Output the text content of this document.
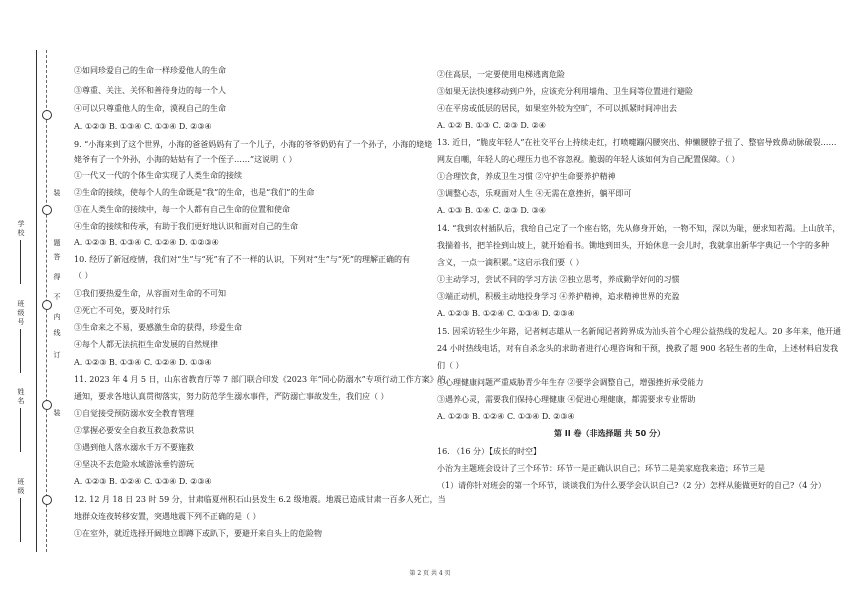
学校
班级号
姓名
班级
装
题
答
得
不
内
线
订
装
②如同珍爱自己的生命一样珍爱他人的生命
③尊重、关注、关怀和善待身边的每一个人
④可以只尊重他人的生命，漠视自己的生命
A. ①②③ B. ①③④ C. ①③④ D. ②③④
9. “小海来到了这个世界，小海的爸爸妈妈有了一个儿子，小海的爷爷奶奶有了一个孙子，小海的姥姥
姥爷有了一个外孙，小海的姑姑有了一个侄子……”这说明（ ）
①一代又一代的个体生命实现了人类生命的接续
②生命的接续，使每个人的生命既是“我”的生命，也是“我们”的生命
③在人类生命的接续中，每一个人都有自己生命的位置和使命
④生命的接续和传承，有助于我们更好地认识和面对自己的生命
A. ①②③ B. ①③④ C. ①②④ D. ①②③④
10. 经历了新冠疫情，我们对“生”与“死”有了不一样的认识，下列对“生”与“死”的理解正确的有
（ ）
①我们要热爱生命，从容面对生命的不可知
②死亡不可免，要及时行乐
③生命来之不易，要感激生命的获得，珍爱生命
④每个人都无法抗拒生命发展的自然规律
A. ①②③ B. ①③④ C. ①②④ D. ①③④
11. 2023 年 4 月 5 日，山东省教育厅等 7 部门联合印发《2023 年“同心防溺水”专项行动工作方案》的
通知，要求各地认真贯彻落实，努力防范学生溺水事件，严防溺亡事故发生，我们应（ ）
①自觉接受预防溺水安全教育管理
②掌握必要安全自救互救急救常识
③遇到他人落水溺水千万不要施救
④坚决不去危险水域游泳垂钓游玩
A. ①②③ B. ①②④ C. ①③④ D. ②③④
12. 12 月 18 日 23 时 59 分，甘肃临夏州积石山县发生 6.2 级地震。地震已造成甘肃一百多人死亡，当
地群众连夜转移安置，突遇地震下列不正确的是（ ）
①在室外，就近选择开阔地立即蹲下或趴下，要避开来自头上的危险物
②住高层，一定要使用电梯逃离危险
③如果无法快速移动到户外，应该充分利用墙角、卫生间等位置进行避险
④在平房或低层的居民，如果室外较为空旷，不可以抓紧时间冲出去
A. ①② B. ①③ C. ②③ D. ②④
13. 近日，“脆皮年轻人”在社交平台上持续走红，打喷嚏蹦闪腰突出、伸懒腰脖子扭了、整宿导致鼻动脉破裂……
网友自嘲，年轻人的心理压力也不容忽视。脆弱的年轻人该如何为自己配置保障。（ ）
①合理饮食，养成卫生习惯 ②守护生命要养护精神
③调整心态，乐观面对人生 ④无需在意挫折，躺平即可
A. ①③ B. ①④ C. ②③ D. ③④
14. “我到农村插队后，我给自己定了一个座右铭，先从修身开始，一物不知，深以为耻，便求知若渴。上山放羊，
我揣着书，把羊拴到山坡上，就开始看书。锄地到田头，开始休息一会儿时，我就拿出新华字典记一个字的多种
含义，一点一滴积累。”这启示我们要（ ）
①主动学习，尝试不同的学习方法 ②独立思考，养成勤学好问的习惯
③端正动机，积极主动地投身学习 ④养护精神，追求精神世界的充盈
A. ①②③ B. ①②④ C. ①③④ D. ②③④
15. 因采访轻生少年路，记者柯志雄从一名新闻记者跨界成为汕头首个心理公益热线的发起人。20 多年来，他开通
24 小时热线电话，对有自杀念头的求助者进行心理咨询和干预，挽救了超 900 名轻生者的生命，上述材料启发我
们（ ）
①心理健康问题严重威胁青少年生存 ②要学会调整自己，增强挫折承受能力
③遇养心灵，需要我们保持心理健康 ④促进心理健康，都需要求专业帮助
A. ①②③ B. ①②④ C. ①③④ D. ②③④
第 II 卷（非选择题 共 50 分）
16. （16 分）【成长的时空】
小治为主题班会设计了三个环节：环节一是正确认识自己；环节二是美家庭我来造；环节三是
（1）请你针对班会的第一个环节，谈谈我们为什么要学会认识自己?（2 分）怎样从能做更好的自己?（4 分）
第 2 页 共 4 页
